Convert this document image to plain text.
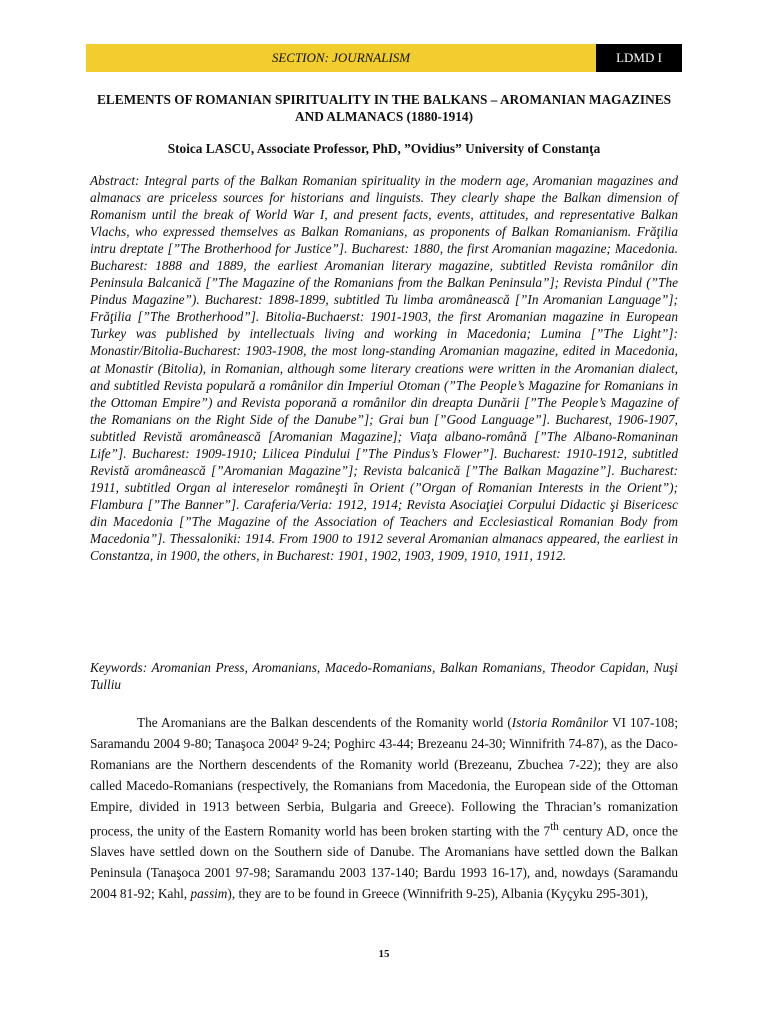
SECTION: JOURNALISM	LDMD I
ELEMENTS OF ROMANIAN SPIRITUALITY IN THE BALKANS – AROMANIAN MAGAZINES AND ALMANACS (1880-1914)
Stoica LASCU, Associate Professor, PhD, ”Ovidius” University of Constanţa

Abstract: Integral parts of the Balkan Romanian spirituality in the modern age, Aromanian magazines and almanacs are priceless sources for historians and linguists. They clearly shape the Balkan dimension of Romanism until the break of World War I, and present facts, events, attitudes, and representative Balkan Vlachs, who expressed themselves as Balkan Romanians, as proponents of Balkan Romanianism. Frăţilia intru dreptate [”The Brotherhood for Justice”]. Bucharest: 1880, the first Aromanian magazine; Macedonia. Bucharest: 1888 and 1889, the earliest Aromanian literary magazine, subtitled Revista românilor din Peninsula Balcanică [”The Magazine of the Romanians from the Balkan Peninsula”]; Revista Pindul (”The Pindus Magazine”). Bucharest: 1898-1899, subtitled Tu limba aromânească [”In Aromanian Language”]; Frăţilia [”The Brotherhood”]. Bitolia-Buchaerst: 1901-1903, the first Aromanian magazine in European Turkey was published by intellectuals living and working in Macedonia; Lumina [”The Light”]: Monastir/Bitolia-Bucharest: 1903-1908, the most long-standing Aromanian magazine, edited in Macedonia, at Monastir (Bitolia), in Romanian, although some literary creations were written in the Aromanian dialect, and subtitled Revista populară a românilor din Imperiul Otoman (”The People’s Magazine for Romanians in the Ottoman Empire”) and Revista poporană a românilor din dreapta Dunării [”The People’s Magazine of the Romanians on the Right Side of the Danube”]; Grai bun [”Good Language”]. Bucharest, 1906-1907, subtitled Revistă aromânească [Aromanian Magazine]; Viaţa albano-română [”The Albano-Romaninan Life”]. Bucharest: 1909-1910; Lilicea Pindului [”The Pindus’s Flower”]. Bucharest: 1910-1912, subtitled Revistă aromânească [”Aromanian Magazine”]; Revista balcanică [”The Balkan Magazine”]. Bucharest: 1911, subtitled Organ al intereselor româneşti în Orient (”Organ of Romanian Interests in the Orient”); Flambura [”The Banner”]. Caraferia/Veria: 1912, 1914; Revista Asociaţiei Corpului Didactic şi Bisericesc din Macedonia [”The Magazine of the Association of Teachers and Ecclesiastical Romanian Body from Macedonia”]. Thessaloniki: 1914. From 1900 to 1912 several Aromanian almanacs appeared, the earliest in Constantza, in 1900, the others, in Bucharest: 1901, 1902, 1903, 1909, 1910, 1911, 1912.

Keywords: Aromanian Press, Aromanians, Macedo-Romanians, Balkan Romanians, Theodor Capidan, Nuşi Tulliu

The Aromanians are the Balkan descendents of the Romanity world (Istoria Românilor VI 107-108; Saramandu 2004 9-80; Tanaşoca 2004² 9-24; Poghirc 43-44; Brezeanu 24-30; Winnifrith 74-87), as the Daco-Romanians are the Northern descendents of the Romanity world (Brezeanu, Zbuchea 7-22); they are also called Macedo-Romanians (respectively, the Romanians from Macedonia, the European side of the Ottoman Empire, divided in 1913 between Serbia, Bulgaria and Greece). Following the Thracian’s romanization process, the unity of the Eastern Romanity world has been broken starting with the 7th century AD, once the Slaves have settled down on the Southern side of Danube. The Aromanians have settled down the Balkan Peninsula (Tanaşoca 2001 97-98; Saramandu 2003 137-140; Bardu 1993 16-17), and, nowdays (Saramandu 2004 81-92; Kahl, passim), they are to be found in Greece (Winnifrith 9-25), Albania (Kyçyku 295-301),

15
